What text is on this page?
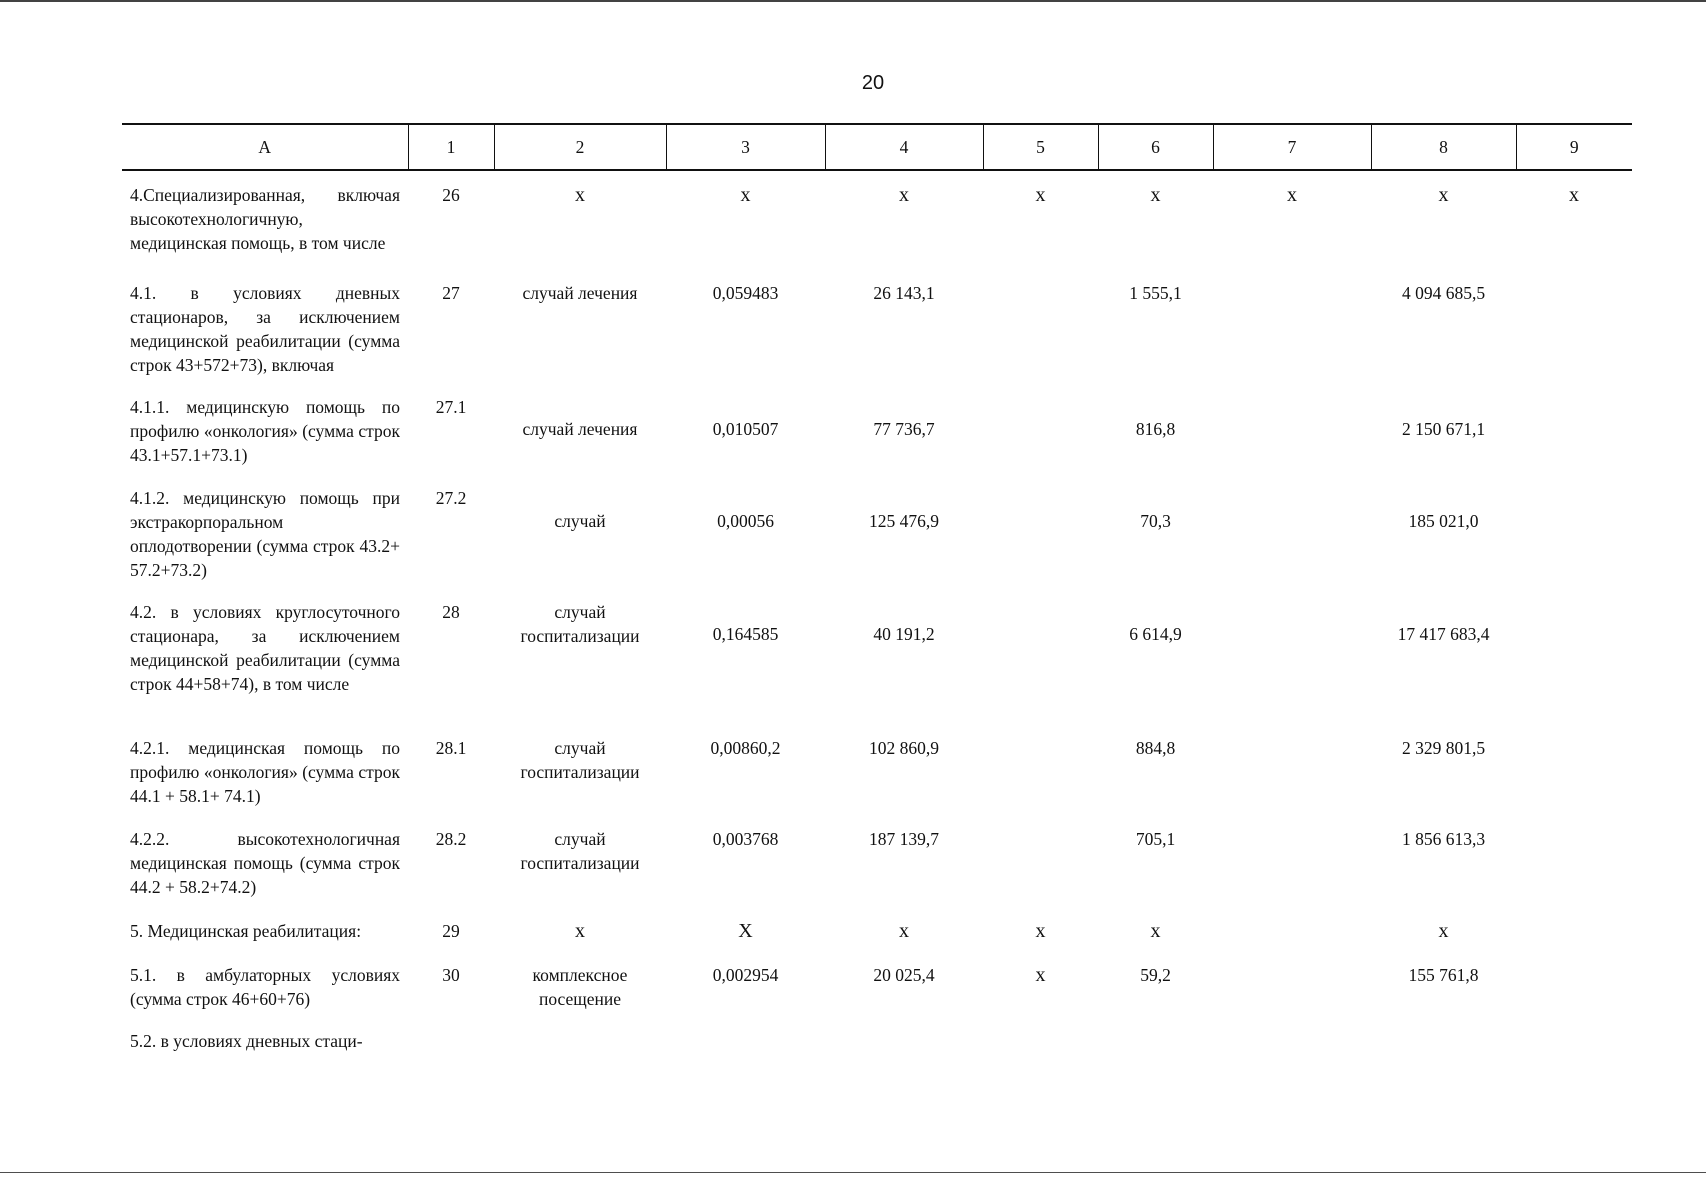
20
А	1	2	3	4	5	6	7	8	9
4.Специализированная, включая высокотехнологичную, медицинская помощь, в том числе	26	х	х	х	х	х	х	х	х
4.1. в условиях дневных стационаров, за исключением медицинской реабилитации (сумма строк 43+572+73), включая	27	случай лечения	0,059483	26 143,1		1 555,1		4 094 685,5	
4.1.1. медицинскую помощь по профилю «онкология» (сумма строк 43.1+57.1+73.1)	27.1	случай лечения	0,010507	77 736,7		816,8		2 150 671,1	
4.1.2. медицинскую помощь при экстракорпоральном оплодотворении (сумма строк 43.2+ 57.2+73.2)	27.2	случай	0,00056	125 476,9		70,3		185 021,0	
4.2. в условиях круглосуточного стационара, за исключением медицинской реабилитации (сумма строк 44+58+74), в том числе	28	случай госпитализации	0,164585	40 191,2		6 614,9		17 417 683,4	
4.2.1. медицинская помощь по профилю «онкология» (сумма строк 44.1 + 58.1+ 74.1)	28.1	случай госпитализации	0,00860,2	102 860,9		884,8		2 329 801,5	
4.2.2. высокотехнологичная медицинская помощь (сумма строк 44.2 + 58.2+74.2)	28.2	случай госпитализации	0,003768	187 139,7		705,1		1 856 613,3	
5. Медицинская реабилитация:	29	х	Х	х	х	х		х	
5.1. в амбулаторных условиях (сумма строк 46+60+76)	30	комплексное посещение	0,002954	20 025,4	х	59,2		155 761,8	
5.2. в условиях дневных стаци-									
